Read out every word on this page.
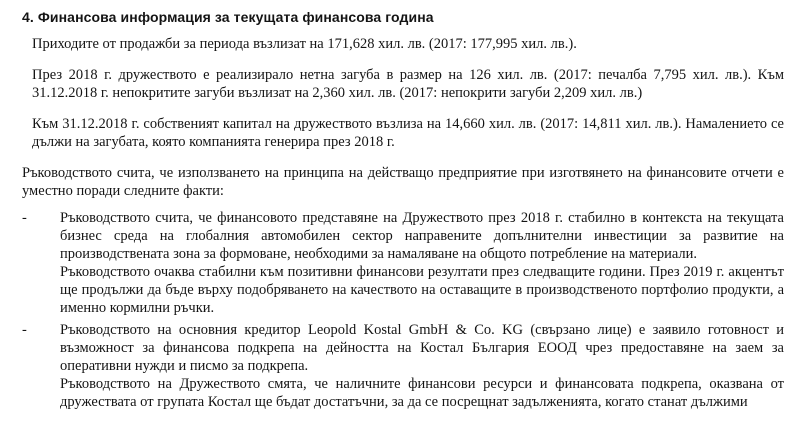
4. Финансова информация за текущата финансова година

Приходите от продажби за периода възлизат на 171,628 хил. лв. (2017: 177,995 хил. лв.).

През 2018 г. дружеството е реализирало нетна загуба в размер на 126 хил. лв. (2017: печалба 7,795 хил. лв.). Към 31.12.2018 г. непокритите загуби възлизат на 2,360 хил. лв. (2017: непокрити загуби 2,209 хил. лв.)

Към 31.12.2018 г. собственият капитал на дружеството възлиза на 14,660 хил. лв. (2017: 14,811 хил. лв.). Намалението се дължи на загубата, която компанията генерира през 2018 г.

Ръководството счита, че използването на принципа на действащо предприятие при изготвянето на финансовите отчети е уместно поради следните факти:

-	Ръководството счита, че финансовото представяне на Дружеството през 2018 г. стабилно в контекста на текущата бизнес среда на глобалния автомобилен сектор направените допълнителни инвестиции за развитие на производствената зона за формоване, необходими за намаляване на общото потребление на материали.

Ръководството очаква стабилни към позитивни финансови резултати през следващите години. През 2019 г. акцентът ще продължи да бъде върху подобряването на качеството на оставащите в производственото портфолио продукти, а именно кормилни ръчки.

-	Ръководството на основния кредитор Leopold Kostal GmbH & Co. KG (свързано лице) е заявило готовност и възможност за финансова подкрепа на дейността на Костал България ЕООД чрез предоставяне на заем за оперативни нужди и писмо за подкрепа.

Ръководството на Дружеството смята, че наличните финансови ресурси и финансовата подкрепа, оказвана от дружествата от групата Костал ще бъдат достатъчни, за да се посрещнат задълженията, когато станат дължими
